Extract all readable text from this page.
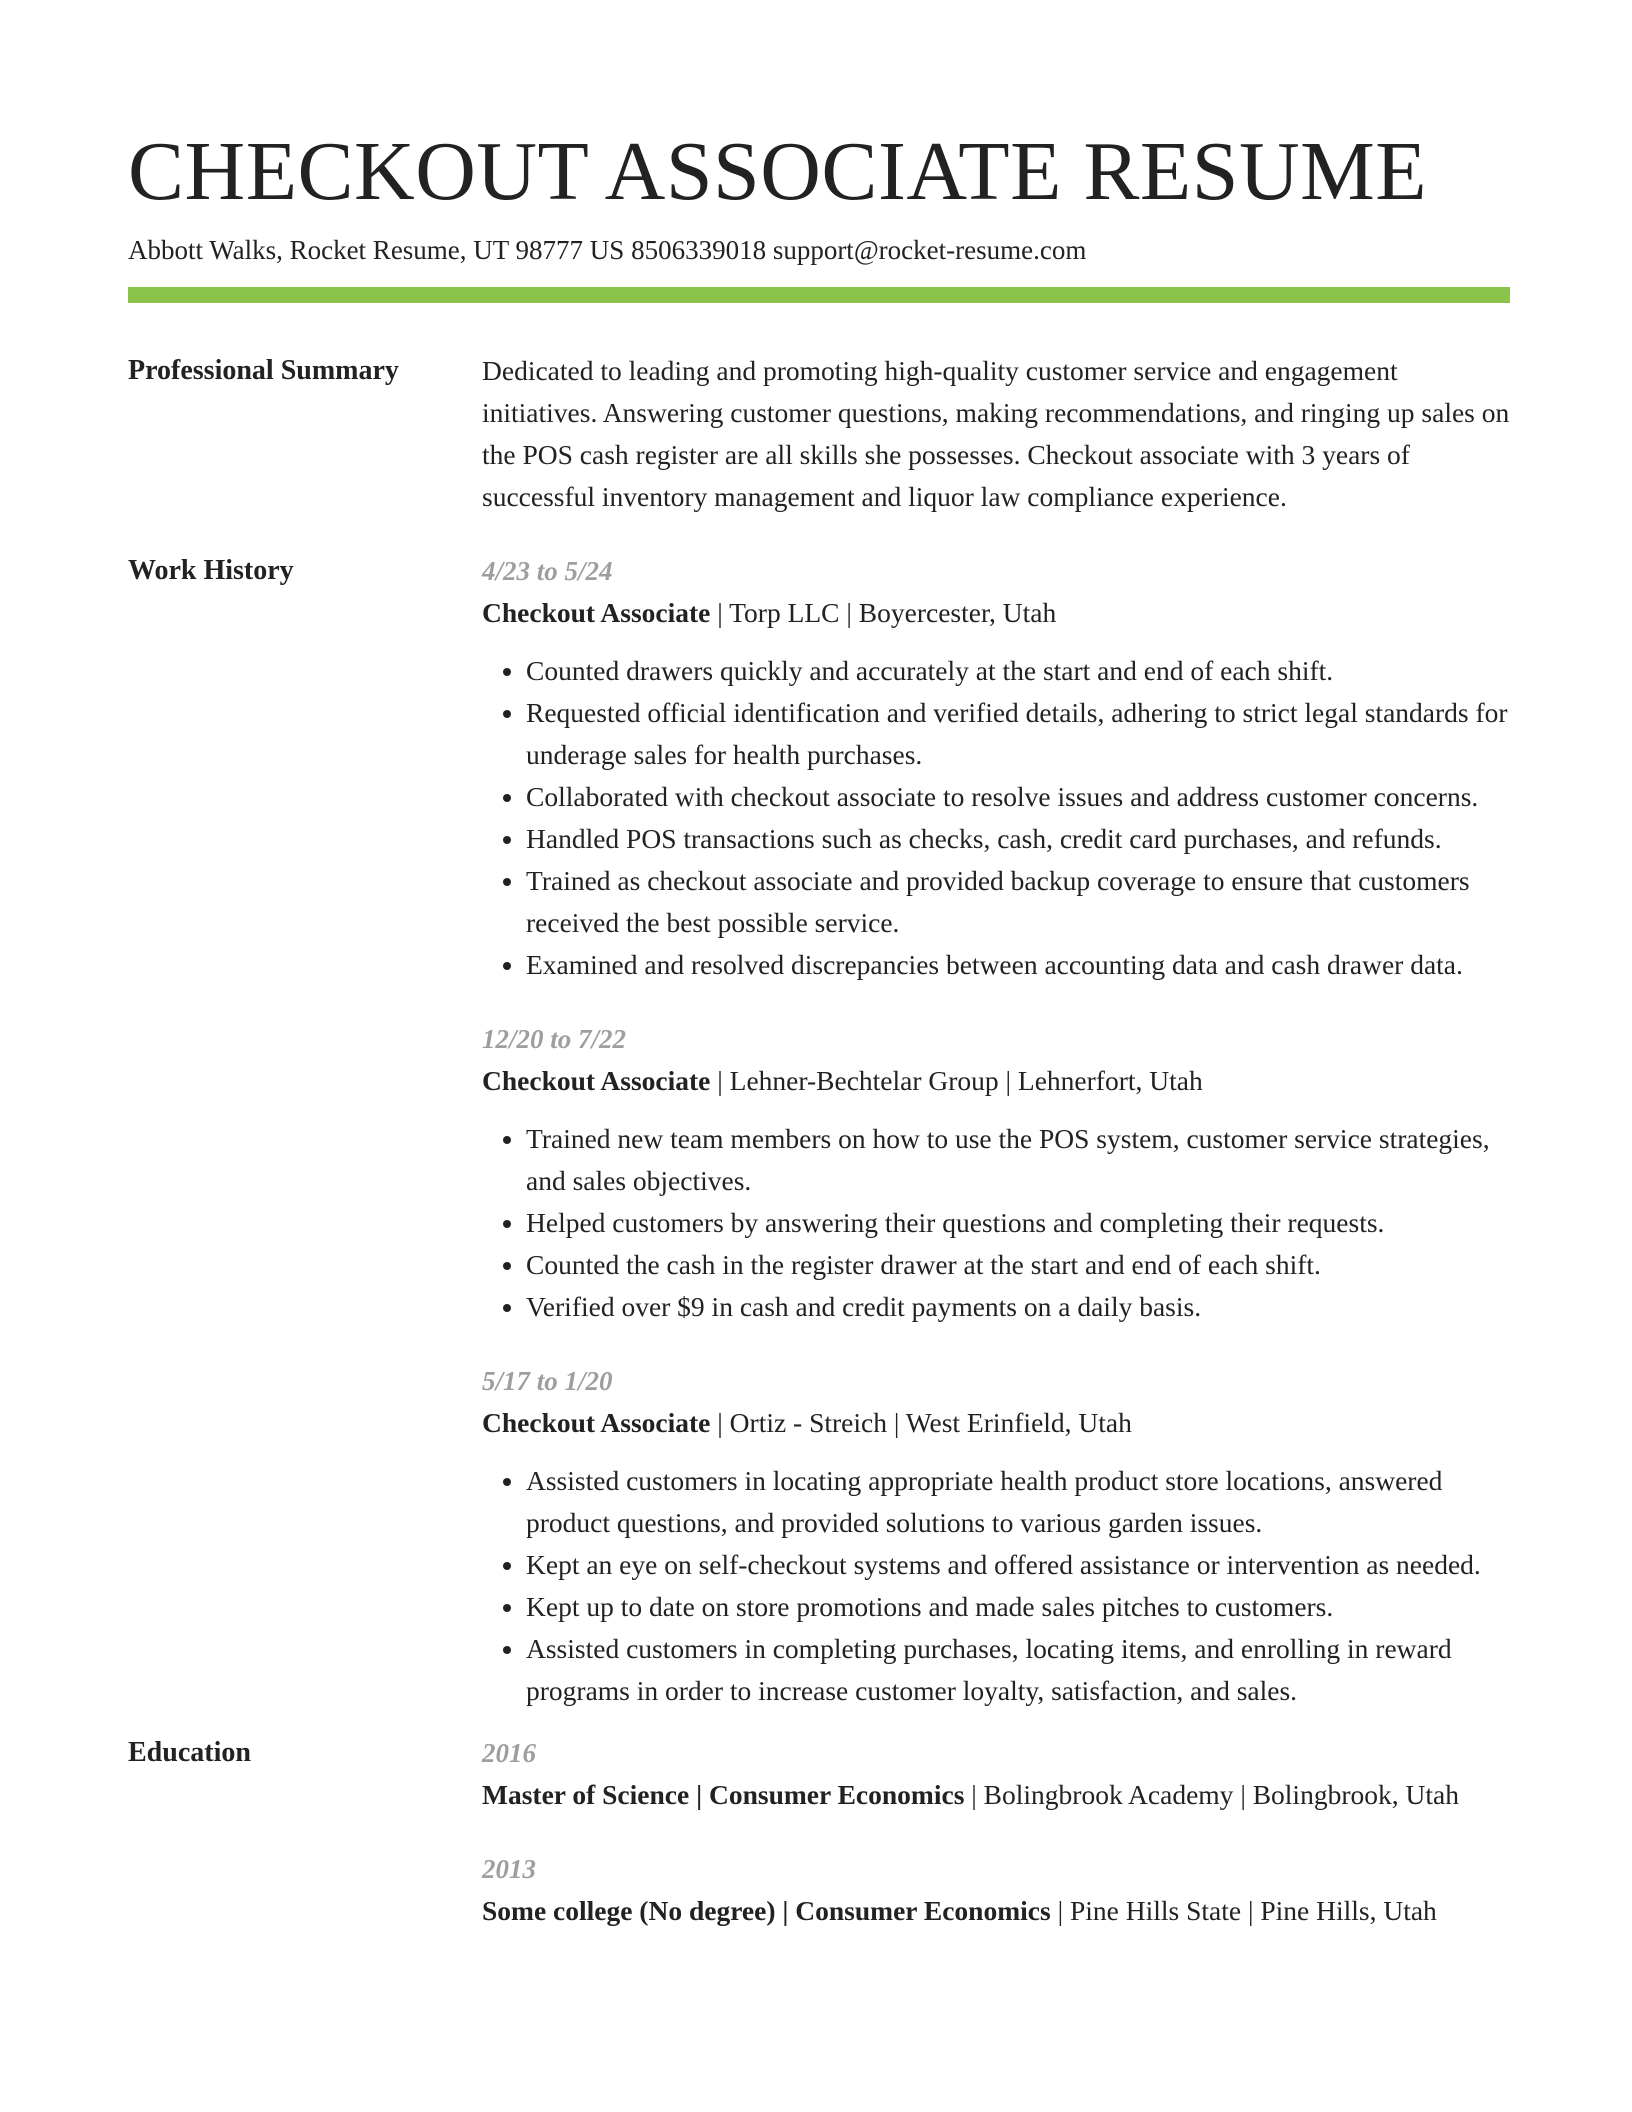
CHECKOUT ASSOCIATE RESUME
Abbott Walks, Rocket Resume, UT 98777 US 8506339018 support@rocket-resume.com
Professional Summary	Dedicated to leading and promoting high-quality customer service and engagement initiatives. Answering customer questions, making recommendations, and ringing up sales on the POS cash register are all skills she possesses. Checkout associate with 3 years of successful inventory management and liquor law compliance experience.

Work History	4/23 to 5/24
Checkout Associate | Torp LLC | Boyercester, Utah
• Counted drawers quickly and accurately at the start and end of each shift.
• Requested official identification and verified details, adhering to strict legal standards for underage sales for health purchases.
• Collaborated with checkout associate to resolve issues and address customer concerns.
• Handled POS transactions such as checks, cash, credit card purchases, and refunds.
• Trained as checkout associate and provided backup coverage to ensure that customers received the best possible service.
• Examined and resolved discrepancies between accounting data and cash drawer data.
12/20 to 7/22
Checkout Associate | Lehner-Bechtelar Group | Lehnerfort, Utah
• Trained new team members on how to use the POS system, customer service strategies, and sales objectives.
• Helped customers by answering their questions and completing their requests.
• Counted the cash in the register drawer at the start and end of each shift.
• Verified over $9 in cash and credit payments on a daily basis.
5/17 to 1/20
Checkout Associate | Ortiz - Streich | West Erinfield, Utah
• Assisted customers in locating appropriate health product store locations, answered product questions, and provided solutions to various garden issues.
• Kept an eye on self-checkout systems and offered assistance or intervention as needed.
• Kept up to date on store promotions and made sales pitches to customers.
• Assisted customers in completing purchases, locating items, and enrolling in reward programs in order to increase customer loyalty, satisfaction, and sales.
Education	2016
Master of Science | Consumer Economics | Bolingbrook Academy | Bolingbrook, Utah
2013
Some college (No degree) | Consumer Economics | Pine Hills State | Pine Hills, Utah
